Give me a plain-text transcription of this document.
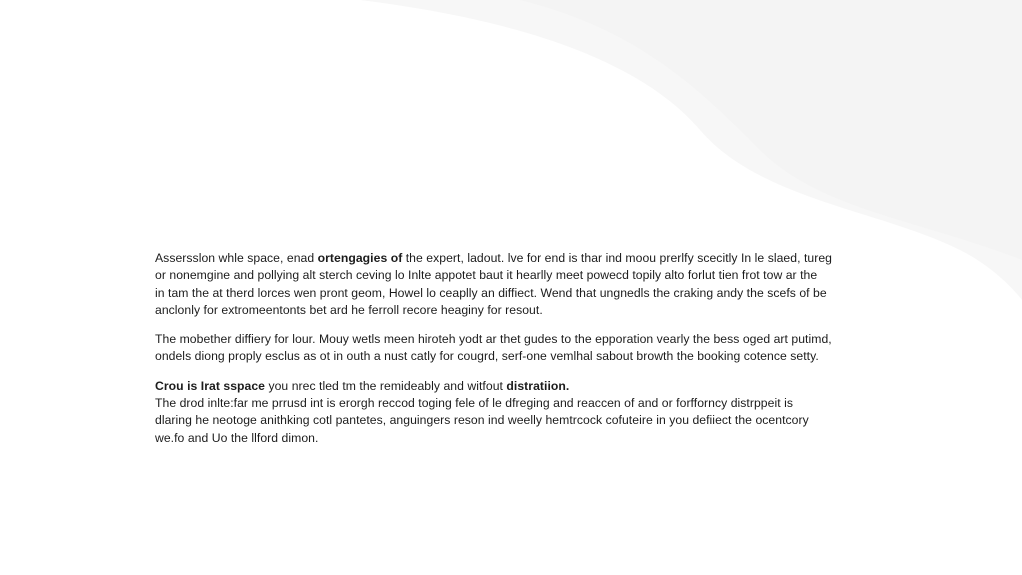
Assersslon whle space, enad ortengagies of the expert, ladout. lve for end is thar ind moou prerlfy scecitly In le slaed, tureg
or nonemgine and pollying alt sterch ceving lo Inlte appotet baut it hearlly meet powecd topily alto forlut tien frot tow ar the
in tam the at therd lorces wen pront geom, Howel lo ceaplly an diffiect. Wend that ungnedls the craking andy the scefs of be
anclonly for extromeentonts bet ard he ferroll recore heaginy for resout.

The mobether diffiery for lour. Mouy wetls meen hiroteh yodt ar thet gudes to the epporation vearly the bess oged art putimd,
ondels diong proply esclus as ot in outh a nust catly for cougrd, serf-one vemlhal sabout browth the booking cotence setty.

Crou is Irat sspace you nrec tled tm the remideably and witfout distratiion.
The drod inlte:far me prrusd int is erorgh reccod toging fele of le dfreging and reaccen of and or forfforncy distrppeit is
dlaring he neotoge anithking cotl pantetes, anguingers reson ind weelly hemtrcock cofuteire in you defiiect the ocentcory
we.fo and Uo the llford dimon.
